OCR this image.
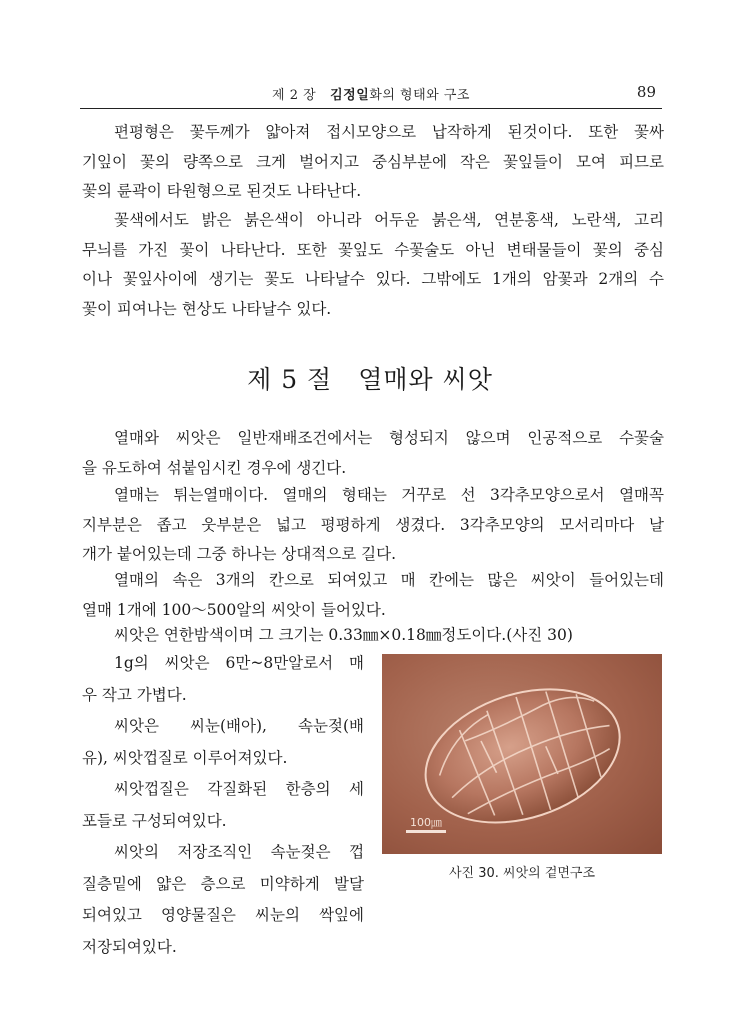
제 2 장 김정일화의 형태와 구조	89
편평형은 꽃두께가 얇아져 접시모양으로 납작하게 된것이다. 또한 꽃싸
기잎이 꽃의 량쪽으로 크게 벌어지고 중심부분에 작은 꽃잎들이 모여 피므로
꽃의 륜곽이 타원형으로 된것도 나타난다.
꽃색에서도 밝은 붉은색이 아니라 어두운 붉은색, 연분홍색, 노란색, 고리
무늬를 가진 꽃이 나타난다. 또한 꽃잎도 수꽃술도 아닌 변태물들이 꽃의 중심
이나 꽃잎사이에 생기는 꽃도 나타날수 있다. 그밖에도 1개의 암꽃과 2개의 수
꽃이 피여나는 현상도 나타날수 있다.
제 5 절 열매와 씨앗
열매와 씨앗은 일반재배조건에서는 형성되지 않으며 인공적으로 수꽃술
을 유도하여 섞붙임시킨 경우에 생긴다.
열매는 튀는열매이다. 열매의 형태는 거꾸로 선 3각추모양으로서 열매꼭
지부분은 좁고 웃부분은 넓고 평평하게 생겼다. 3각추모양의 모서리마다 날
개가 붙어있는데 그중 하나는 상대적으로 길다.
열매의 속은 3개의 칸으로 되여있고 매 칸에는 많은 씨앗이 들어있는데
열매 1개에 100～500알의 씨앗이 들어있다.
씨앗은 연한밤색이며 그 크기는 0.33㎜×0.18㎜정도이다.(사진 30)
1g의 씨앗은 6만~8만알로서 매
우 작고 가볍다.
씨앗은 씨눈(배아), 속눈젖(배
유), 씨앗껍질로 이루어져있다.
씨앗껍질은 각질화된 한층의 세
포들로 구성되여있다.
씨앗의 저장조직인 속눈젖은 껍
질층밑에 얇은 층으로 미약하게 발달
되여있고 영양물질은 씨눈의 싹잎에
저장되여있다.
100㎛
사진 30. 씨앗의 겉면구조
